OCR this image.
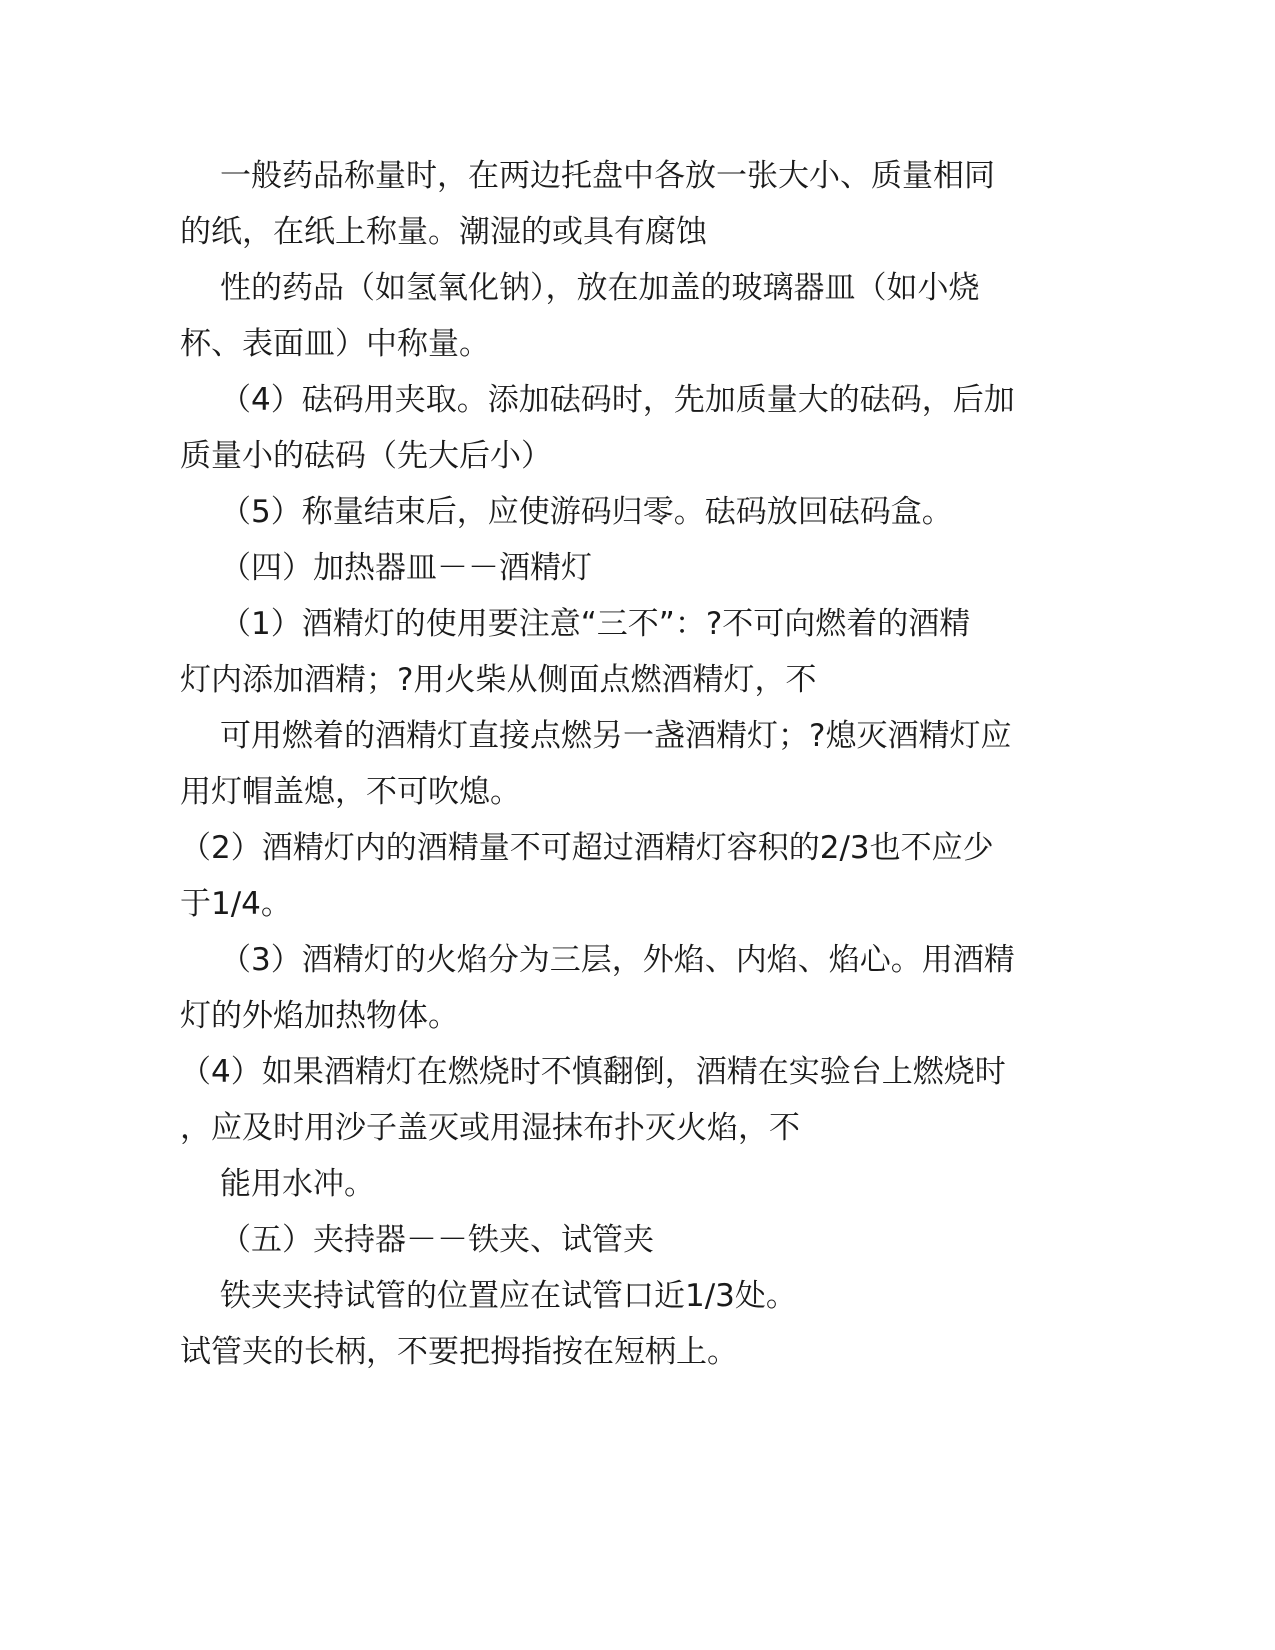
一般药品称量时，在两边托盘中各放一张大小、质量相同

的纸，在纸上称量。潮湿的或具有腐蚀

性的药品（如氢氧化钠），放在加盖的玻璃器皿（如小烧

杯、表面皿）中称量。

（4）砝码用夹取。添加砝码时，先加质量大的砝码，后加

质量小的砝码（先大后小）

（5）称量结束后，应使游码归零。砝码放回砝码盒。

（四）加热器皿－－酒精灯

（1）酒精灯的使用要注意“三不”：?不可向燃着的酒精

灯内添加酒精；?用火柴从侧面点燃酒精灯，不

可用燃着的酒精灯直接点燃另一盏酒精灯；?熄灭酒精灯应

用灯帽盖熄，不可吹熄。

（2）酒精灯内的酒精量不可超过酒精灯容积的2/3也不应少

于1/4。

（3）酒精灯的火焰分为三层，外焰、内焰、焰心。用酒精

灯的外焰加热物体。

（4）如果酒精灯在燃烧时不慎翻倒，酒精在实验台上燃烧时

，应及时用沙子盖灭或用湿抹布扑灭火焰，不

能用水冲。

（五）夹持器－－铁夹、试管夹

铁夹夹持试管的位置应在试管口近1/3处。

试管夹的长柄，不要把拇指按在短柄上。
